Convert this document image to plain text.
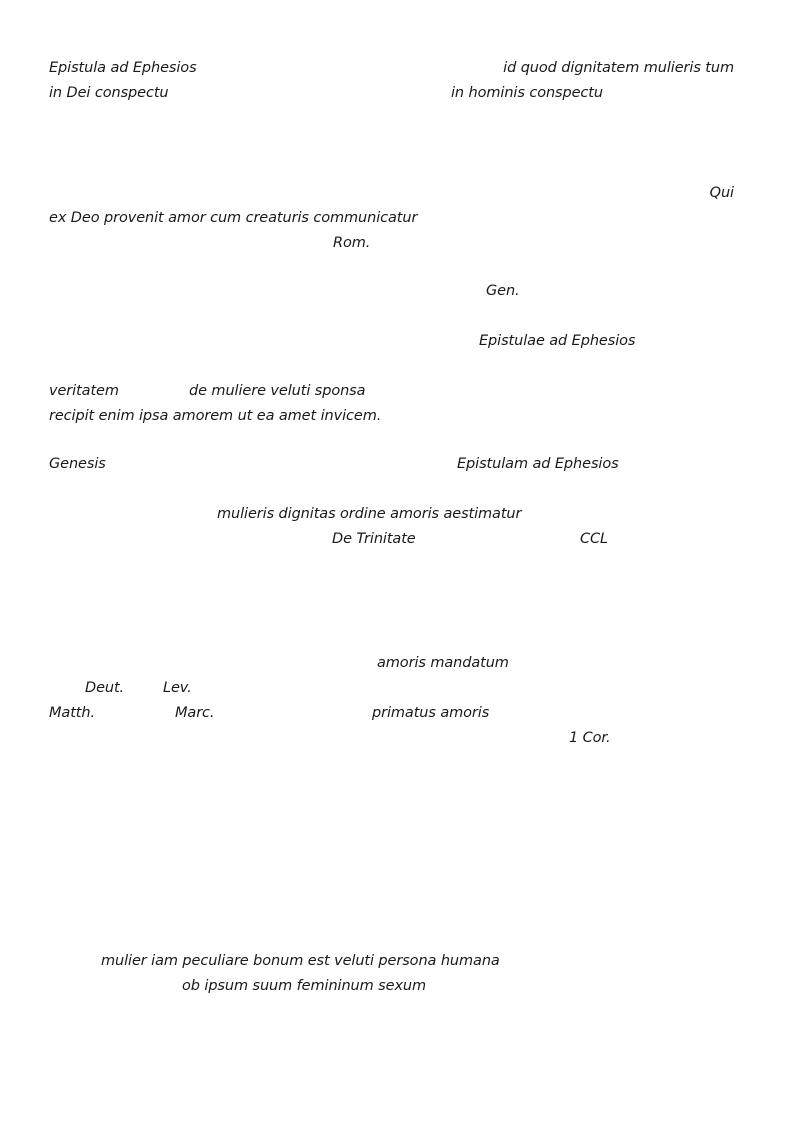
Epistula ad Ephesios	id quod dignitatem mulieris tum
in Dei conspectu	in hominis conspectu
Qui
ex Deo provenit amor cum creaturis communicatur
Rom.
Gen.
Epistulae ad Ephesios
veritatem	de muliere veluti sponsa
recipit enim ipsa amorem ut ea amet invicem.
Genesis	Epistulam ad Ephesios
mulieris dignitas ordine amoris aestimatur
De Trinitate	CCL
amoris mandatum
Deut.	Lev.
Matth.	Marc.	primatus amoris
1 Cor.
mulier iam peculiare bonum est veluti persona humana
ob ipsum suum femininum sexum
